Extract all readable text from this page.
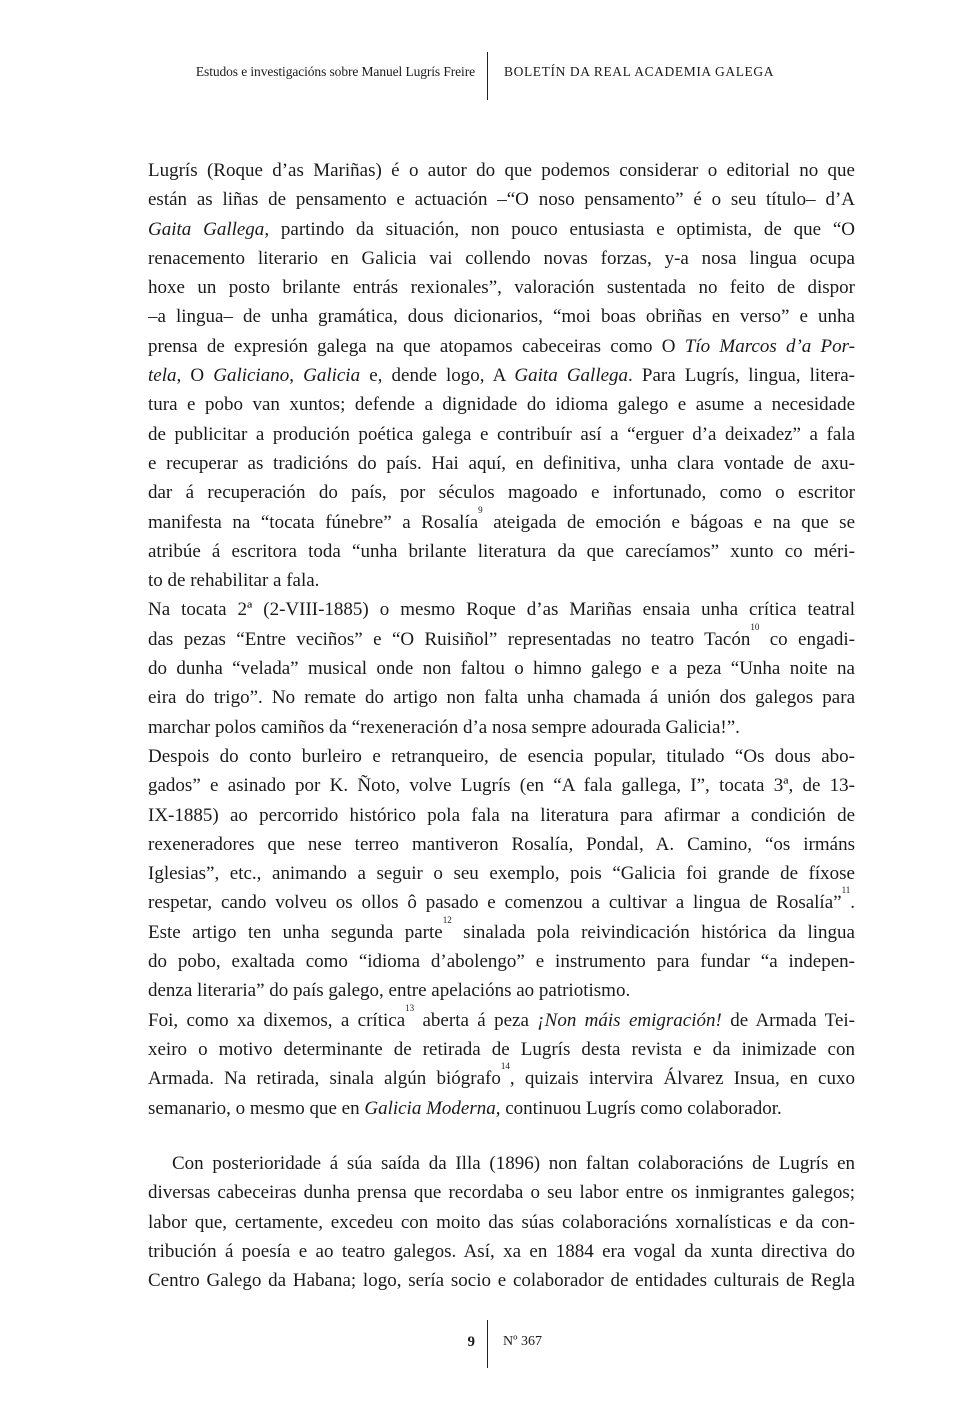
Estudos e investigacións sobre Manuel Lugrís Freire BOLETÍN DA REAL ACADEMIA GALEGA
Lugrís (Roque d’as Mariñas) é o autor do que podemos considerar o editorial no que
están as liñas de pensamento e actuación –“O noso pensamento” é o seu título– d’A
Gaita Gallega, partindo da situación, non pouco entusiasta e optimista, de que “O
renacemento literario en Galicia vai collendo novas forzas, y-a nosa lingua ocupa
hoxe un posto brilante entrás rexionales”, valoración sustentada no feito de dispor
–a lingua– de unha gramática, dous dicionarios, “moi boas obriñas en verso” e unha
prensa de expresión galega na que atopamos cabeceiras como O Tío Marcos d’a Por-
tela, O Galiciano, Galicia e, dende logo, A Gaita Gallega. Para Lugrís, lingua, litera-
tura e pobo van xuntos; defende a dignidade do idioma galego e asume a necesidade
de publicitar a produción poética galega e contribuír así a “erguer d’a deixadez” a fala
e recuperar as tradicións do país. Hai aquí, en definitiva, unha clara vontade de axu-
dar á recuperación do país, por séculos magoado e infortunado, como o escritor
manifesta na “tocata fúnebre” a Rosalía$^9$ ateigada de emoción e bágoas e na que se
atribúe á escritora toda “unha brilante literatura da que carecíamos” xunto co méri-
to de rehabilitar a fala.
Na tocata 2ª (2-VIII-1885) o mesmo Roque d’as Mariñas ensaia unha crítica teatral
das pezas “Entre veciños” e “O Ruisiñol” representadas no teatro Tacón$^{10}$ co engadi-
do dunha “velada” musical onde non faltou o himno galego e a peza “Unha noite na
eira do trigo”. No remate do artigo non falta unha chamada á unión dos galegos para
marchar polos camiños da “rexeneración d’a nosa sempre adourada Galicia!”.
Despois do conto burleiro e retranqueiro, de esencia popular, titulado “Os dous abo-
gados” e asinado por K. Ñoto, volve Lugrís (en “A fala gallega, I”, tocata 3ª, de 13-
IX-1885) ao percorrido histórico pola fala na literatura para afirmar a condición de
rexeneradores que nese terreo mantiveron Rosalía, Pondal, A. Camino, “os irmáns
Iglesias”, etc., animando a seguir o seu exemplo, pois “Galicia foi grande de fíxose
respetar, cando volveu os ollos ô pasado e comenzou a cultivar a lingua de Rosalía”$^{11}$.
Este artigo ten unha segunda parte$^{12}$ sinalada pola reivindicación histórica da lingua
do pobo, exaltada como “idioma d’abolengo” e instrumento para fundar “a indepen-
denza literaria” do país galego, entre apelacións ao patriotismo.
Foi, como xa dixemos, a crítica$^{13}$ aberta á peza ¡Non máis emigración! de Armada Tei-
xeiro o motivo determinante de retirada de Lugrís desta revista e da inimizade con
Armada. Na retirada, sinala algún biógrafo$^{14}$, quizais intervira Álvarez Insua, en cuxo
semanario, o mesmo que en Galicia Moderna, continuou Lugrís como colaborador.
Con posterioridade á súa saída da Illa (1896) non faltan colaboracións de Lugrís en
diversas cabeceiras dunha prensa que recordaba o seu labor entre os inmigrantes galegos;
labor que, certamente, excedeu con moito das súas colaboracións xornalísticas e da con-
tribución á poesía e ao teatro galegos. Así, xa en 1884 era vogal da xunta directiva do
Centro Galego da Habana; logo, sería socio e colaborador de entidades culturais de Regla
9 Nº 367
